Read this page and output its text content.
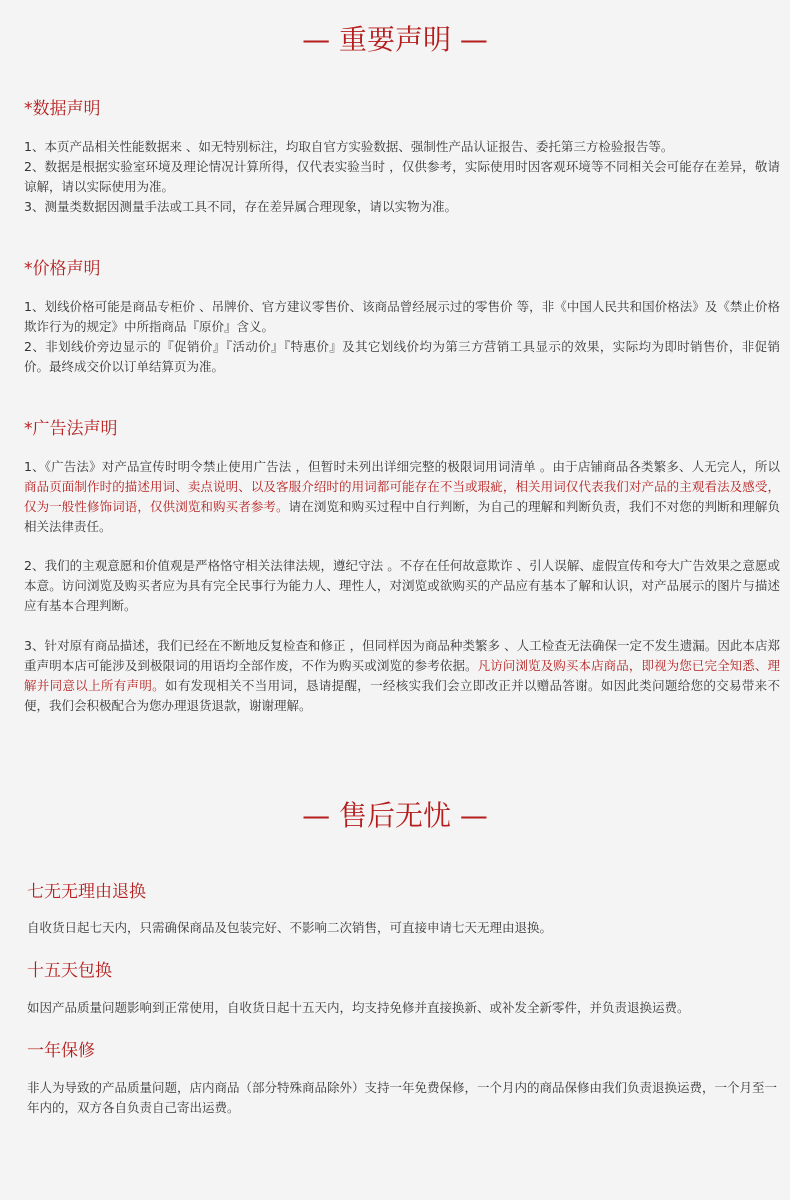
— 重要声明 —
*数据声明

1、本页产品相关性能数据来 、如无特别标注，均取自官方实验数据、强制性产品认证报告、委托第三方检验报告等。

2、数据是根据实验室环境及理论情况计算所得，仅代表实验当时 ，仅供参考，实际使用时因客观环境等不同相关会可能存在差异，敬请谅解，请以实际使用为准。

3、测量类数据因测量手法或工具不同，存在差异属合理现象，请以实物为准。

*价格声明

1、划线价格可能是商品专柜价 、吊牌价、官方建议零售价、该商品曾经展示过的零售价 等，非《中国人民共和国价格法》及《禁止价格欺诈行为的规定》中所指商品『原价』含义。

2、非划线价旁边显示的『促销价』『活动价』『特惠价』及其它划线价均为第三方营销工具显示的效果，实际均为即时销售价，非促销价。最终成交价以订单结算页为准。

*广告法声明

1、《广告法》对产品宣传时明令禁止使用广告法 ，但暂时未列出详细完整的极限词用词清单 。由于店铺商品各类繁多、人无完人，所以商品页面制作时的描述用词、卖点说明、以及客服介绍时的用词都可能存在不当或瑕疵，相关用词仅代表我们对产品的主观看法及感受，仅为一般性修饰词语，仅供浏览和购买者参考。请在浏览和购买过程中自行判断，为自己的理解和判断负责，我们不对您的判断和理解负相关法律责任。

2、我们的主观意愿和价值观是严格恪守相关法律法规，遵纪守法 。不存在任何故意欺诈 、引人误解、虚假宣传和夸大广告效果之意愿或本意。访问浏览及购买者应为具有完全民事行为能力人、理性人，对浏览或欲购买的产品应有基本了解和认识，对产品展示的图片与描述应有基本合理判断。

3、针对原有商品描述，我们已经在不断地反复检查和修正 ，但同样因为商品种类繁多 、人工检查无法确保一定不发生遗漏。因此本店郑重声明本店可能涉及到极限词的用语均全部作废，不作为购买或浏览的参考依据。凡访问浏览及购买本店商品，即视为您已完全知悉、理解并同意以上所有声明。如有发现相关不当用词，恳请提醒，一经核实我们会立即改正并以赠品答谢。如因此类问题给您的交易带来不便，我们会积极配合为您办理退货退款，谢谢理解。

— 售后无忧 —
七无无理由退换

自收货日起七天内，只需确保商品及包装完好、不影响二次销售，可直接申请七天无理由退换。

十五天包换

如因产品质量问题影响到正常使用，自收货日起十五天内，均支持免修并直接换新、或补发全新零件，并负责退换运费。

一年保修

非人为导致的产品质量问题，店内商品（部分特殊商品除外）支持一年免费保修，一个月内的商品保修由我们负责退换运费，一个月至一年内的，双方各自负责自己寄出运费。
